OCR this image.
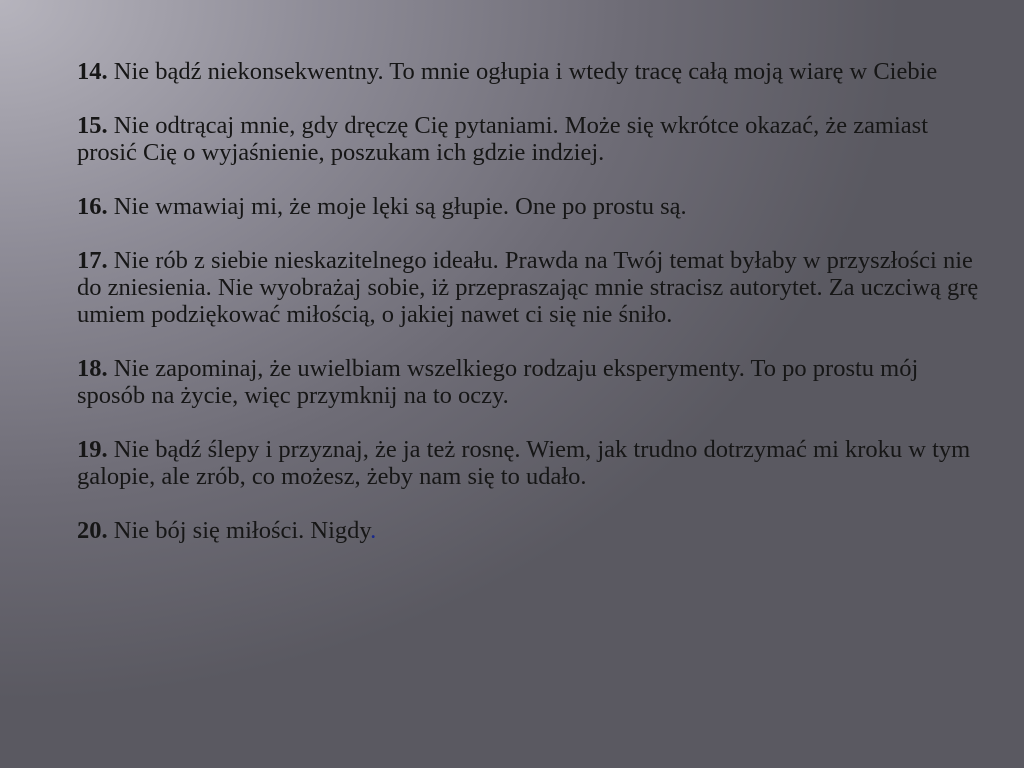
14. Nie bądź niekonsekwentny. To mnie ogłupia i wtedy tracę całą moją wiarę w Ciebie

15. Nie odtrącaj mnie, gdy dręczę Cię pytaniami. Może się wkrótce okazać, że zamiast prosić Cię o wyjaśnienie, poszukam ich gdzie indziej.

16. Nie wmawiaj mi, że moje lęki są głupie. One po prostu są.

17. Nie rób z siebie nieskazitelnego ideału. Prawda na Twój temat byłaby w przyszłości nie do zniesienia. Nie wyobrażaj sobie, iż przepraszając mnie stracisz autorytet. Za uczciwą grę umiem podziękować miłością, o jakiej nawet ci się nie śniło.

18. Nie zapominaj, że uwielbiam wszelkiego rodzaju eksperymenty. To po prostu mój sposób na życie, więc przymknij na to oczy.

19. Nie bądź ślepy i przyznaj, że ja też rosnę. Wiem, jak trudno dotrzymać mi kroku w tym galopie, ale zrób, co możesz, żeby nam się to udało.

20. Nie bój się miłości. Nigdy.
